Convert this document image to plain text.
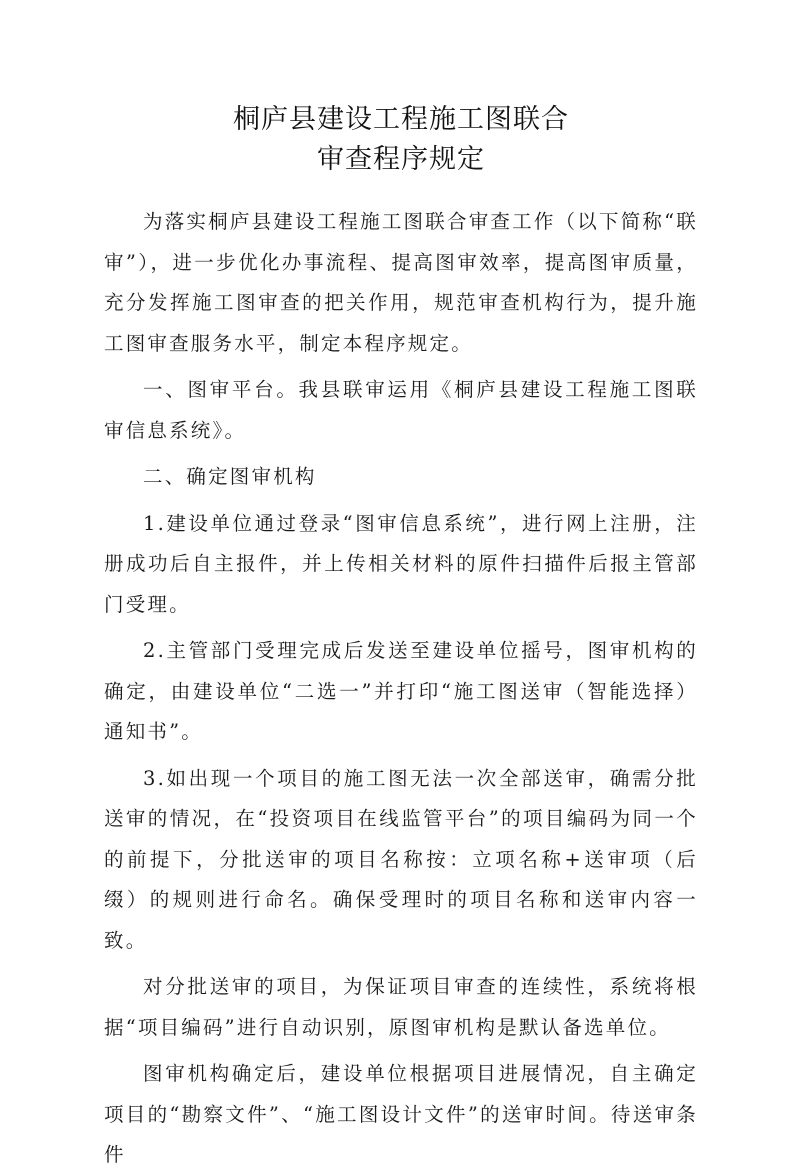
桐庐县建设工程施工图联合
审查程序规定

为落实桐庐县建设工程施工图联合审查工作（以下简称“联审”），进一步优化办事流程、提高图审效率，提高图审质量，充分发挥施工图审查的把关作用，规范审查机构行为，提升施工图审查服务水平，制定本程序规定。

一、图审平台。我县联审运用《桐庐县建设工程施工图联审信息系统》。

二、确定图审机构

1.建设单位通过登录“图审信息系统”，进行网上注册，注册成功后自主报件，并上传相关材料的原件扫描件后报主管部门受理。

2.主管部门受理完成后发送至建设单位摇号，图审机构的确定，由建设单位“二选一”并打印“施工图送审（智能选择）通知书”。

3.如出现一个项目的施工图无法一次全部送审，确需分批送审的情况，在“投资项目在线监管平台”的项目编码为同一个的前提下，分批送审的项目名称按：立项名称+送审项（后缀）的规则进行命名。确保受理时的项目名称和送审内容一致。

对分批送审的项目，为保证项目审查的连续性，系统将根据“项目编码”进行自动识别，原图审机构是默认备选单位。

图审机构确定后，建设单位根据项目进展情况，自主确定项目的“勘察文件”、“施工图设计文件”的送审时间。待送审条件
